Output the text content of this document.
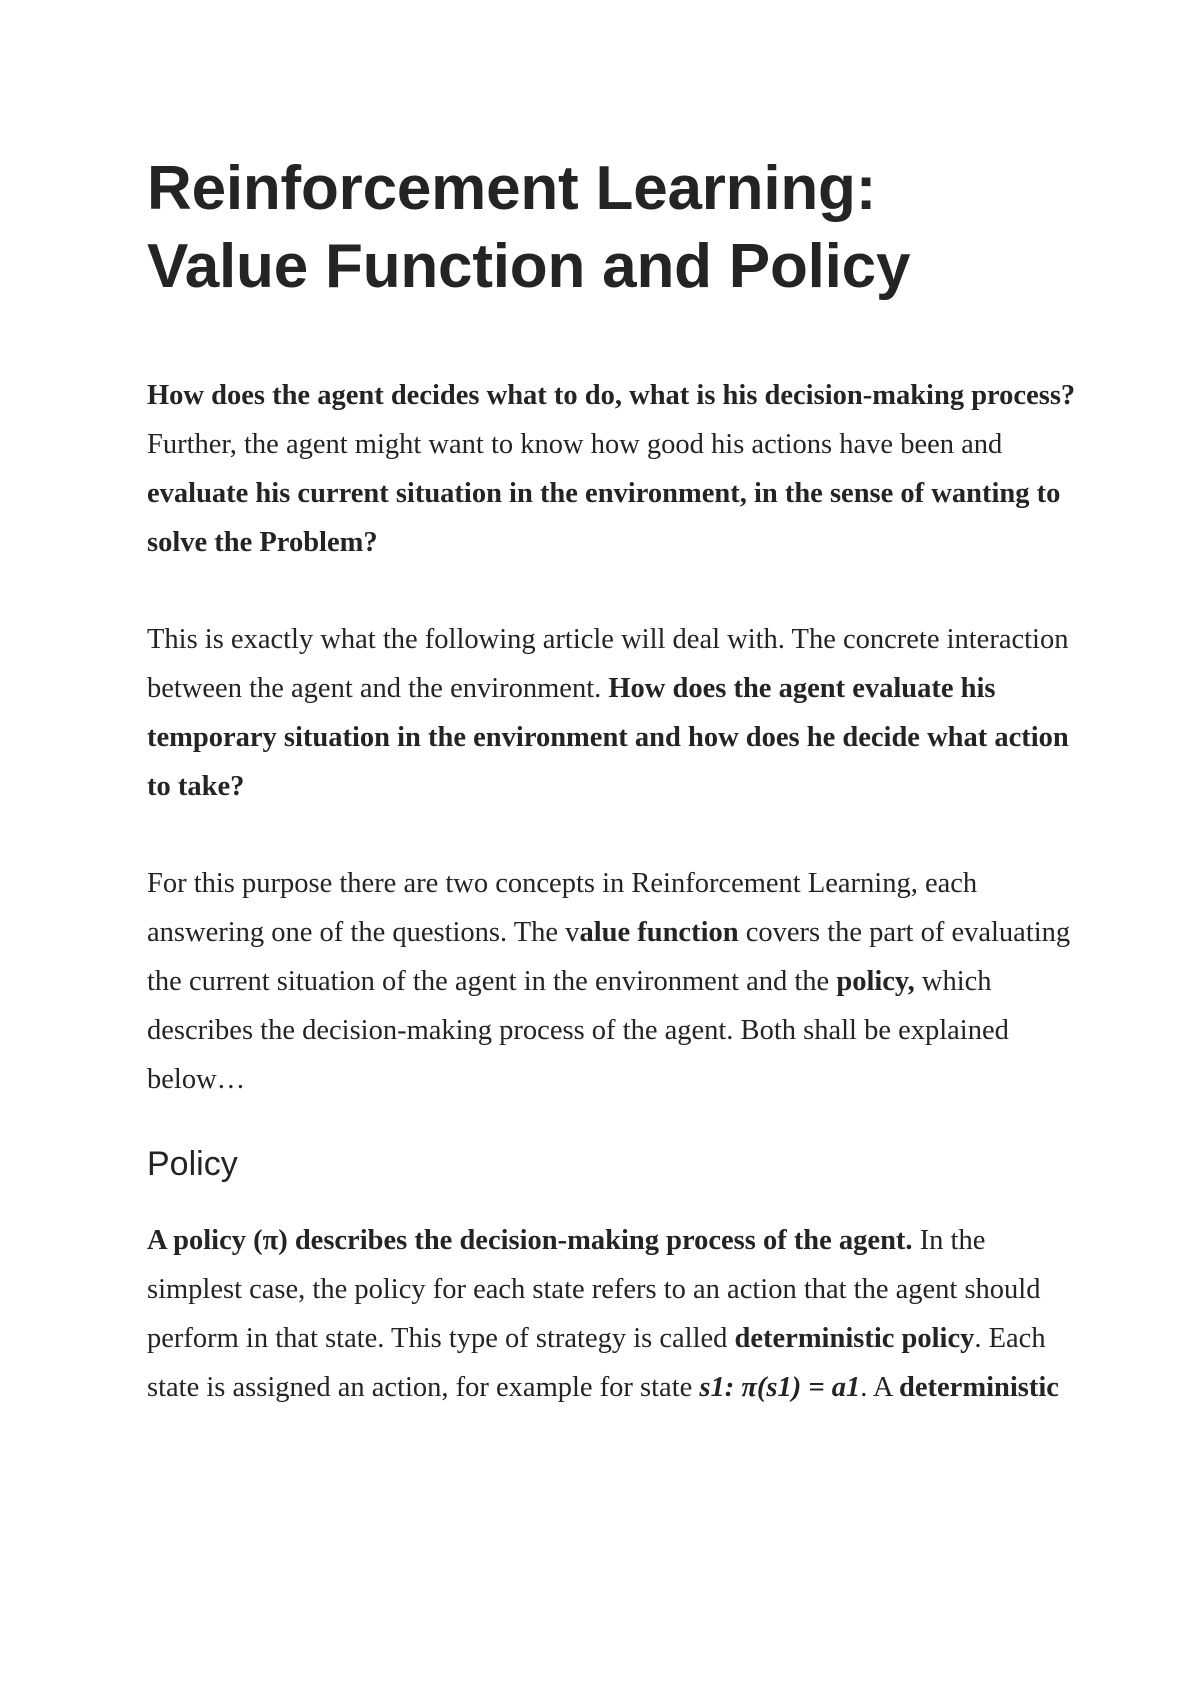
Reinforcement Learning:
Value Function and Policy

How does the agent decides what to do, what is his decision-making process? Further, the agent might want to know how good his actions have been and evaluate his current situation in the environment, in the sense of wanting to solve the Problem?

This is exactly what the following article will deal with. The concrete interaction between the agent and the environment. How does the agent evaluate his temporary situation in the environment and how does he decide what action to take?

For this purpose there are two concepts in Reinforcement Learning, each answering one of the questions. The value function covers the part of evaluating the current situation of the agent in the environment and the policy, which describes the decision-making process of the agent. Both shall be explained below…

Policy

A policy (π) describes the decision-making process of the agent. In the simplest case, the policy for each state refers to an action that the agent should perform in that state. This type of strategy is called deterministic policy. Each state is assigned an action, for example for state s1: π(s1) = a1. A deterministic
